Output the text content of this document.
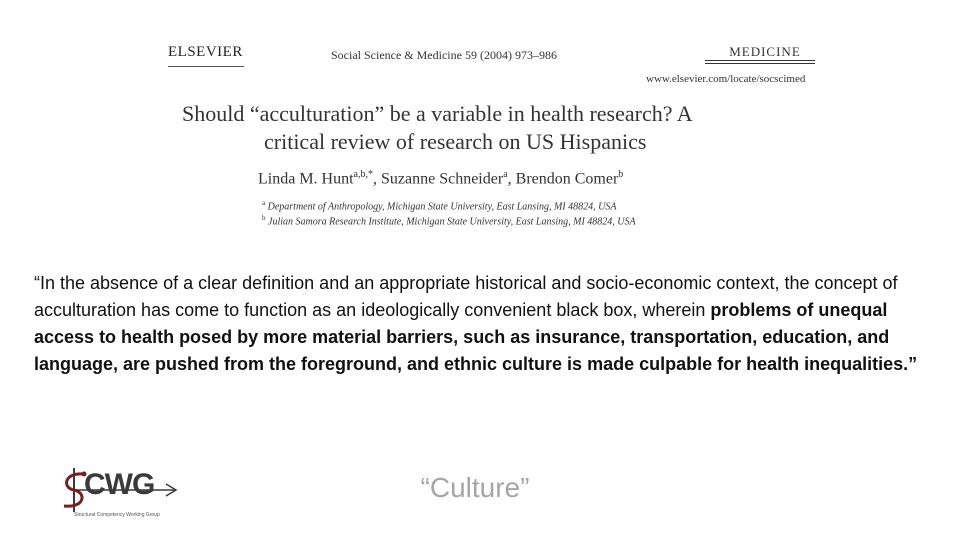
ELSEVIER	Social Science & Medicine 59 (2004) 973–986	MEDICINE
www.elsevier.com/locate/socscimed
Should “acculturation” be a variable in health research? A
critical review of research on US Hispanics
Linda M. Hunt$^{a,b,*}$, Suzanne Schneider$^a$, Brendon Comer$^b$
$^a$ Department of Anthropology, Michigan State University, East Lansing, MI 48824, USA
$^b$ Julian Samora Research Institute, Michigan State University, East Lansing, MI 48824, USA
“In the absence of a clear definition and an appropriate historical and socio-economic context, the concept of acculturation has come to function as an ideologically convenient black box, wherein problems of unequal access to health posed by more material barriers, such as insurance, transportation, education, and language, are pushed from the foreground, and ethnic culture is made culpable for health inequalities.”
CWG
Structural Competency Working Group
“Culture”
